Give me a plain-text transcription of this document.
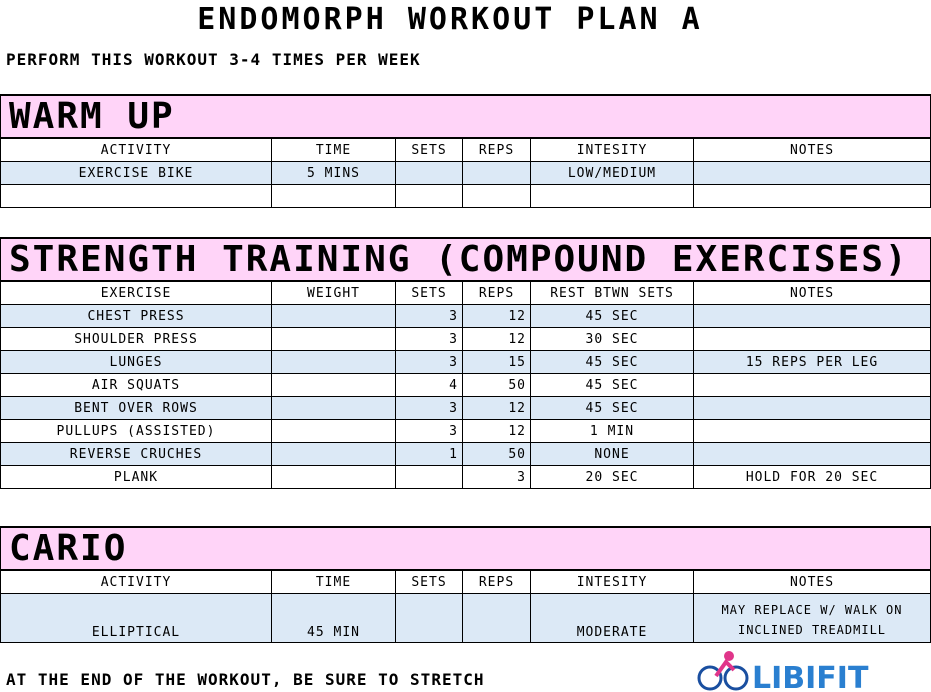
ENDOMORPH WORKOUT PLAN A
PERFORM THIS WORKOUT 3-4 TIMES PER WEEK
WARM UP					
ACTIVITY	TIME	SETS	REPS	INTESITY	NOTES
EXERCISE BIKE	5 MINS			LOW/MEDIUM	

STRENGTH TRAINING (COMPOUND EXERCISES)					
EXERCISE	WEIGHT	SETS	REPS	REST BTWN SETS	NOTES
CHEST PRESS		3	12	45 SEC	
SHOULDER PRESS		3	12	30 SEC	
LUNGES		3	15	45 SEC	15 REPS PER LEG
AIR SQUATS		4	50	45 SEC	
BENT OVER ROWS		3	12	45 SEC	
PULLUPS (ASSISTED)		3	12	1 MIN	
REVERSE CRUCHES		1	50	NONE	
PLANK			3	20 SEC	HOLD FOR 20 SEC
CARIO					
ACTIVITY	TIME	SETS	REPS	INTESITY	NOTES
ELLIPTICAL	45 MIN			MODERATE	MAY REPLACE W/ WALK ON INCLINED TREADMILL
AT THE END OF THE WORKOUT, BE SURE TO STRETCH	LIBIFIT
